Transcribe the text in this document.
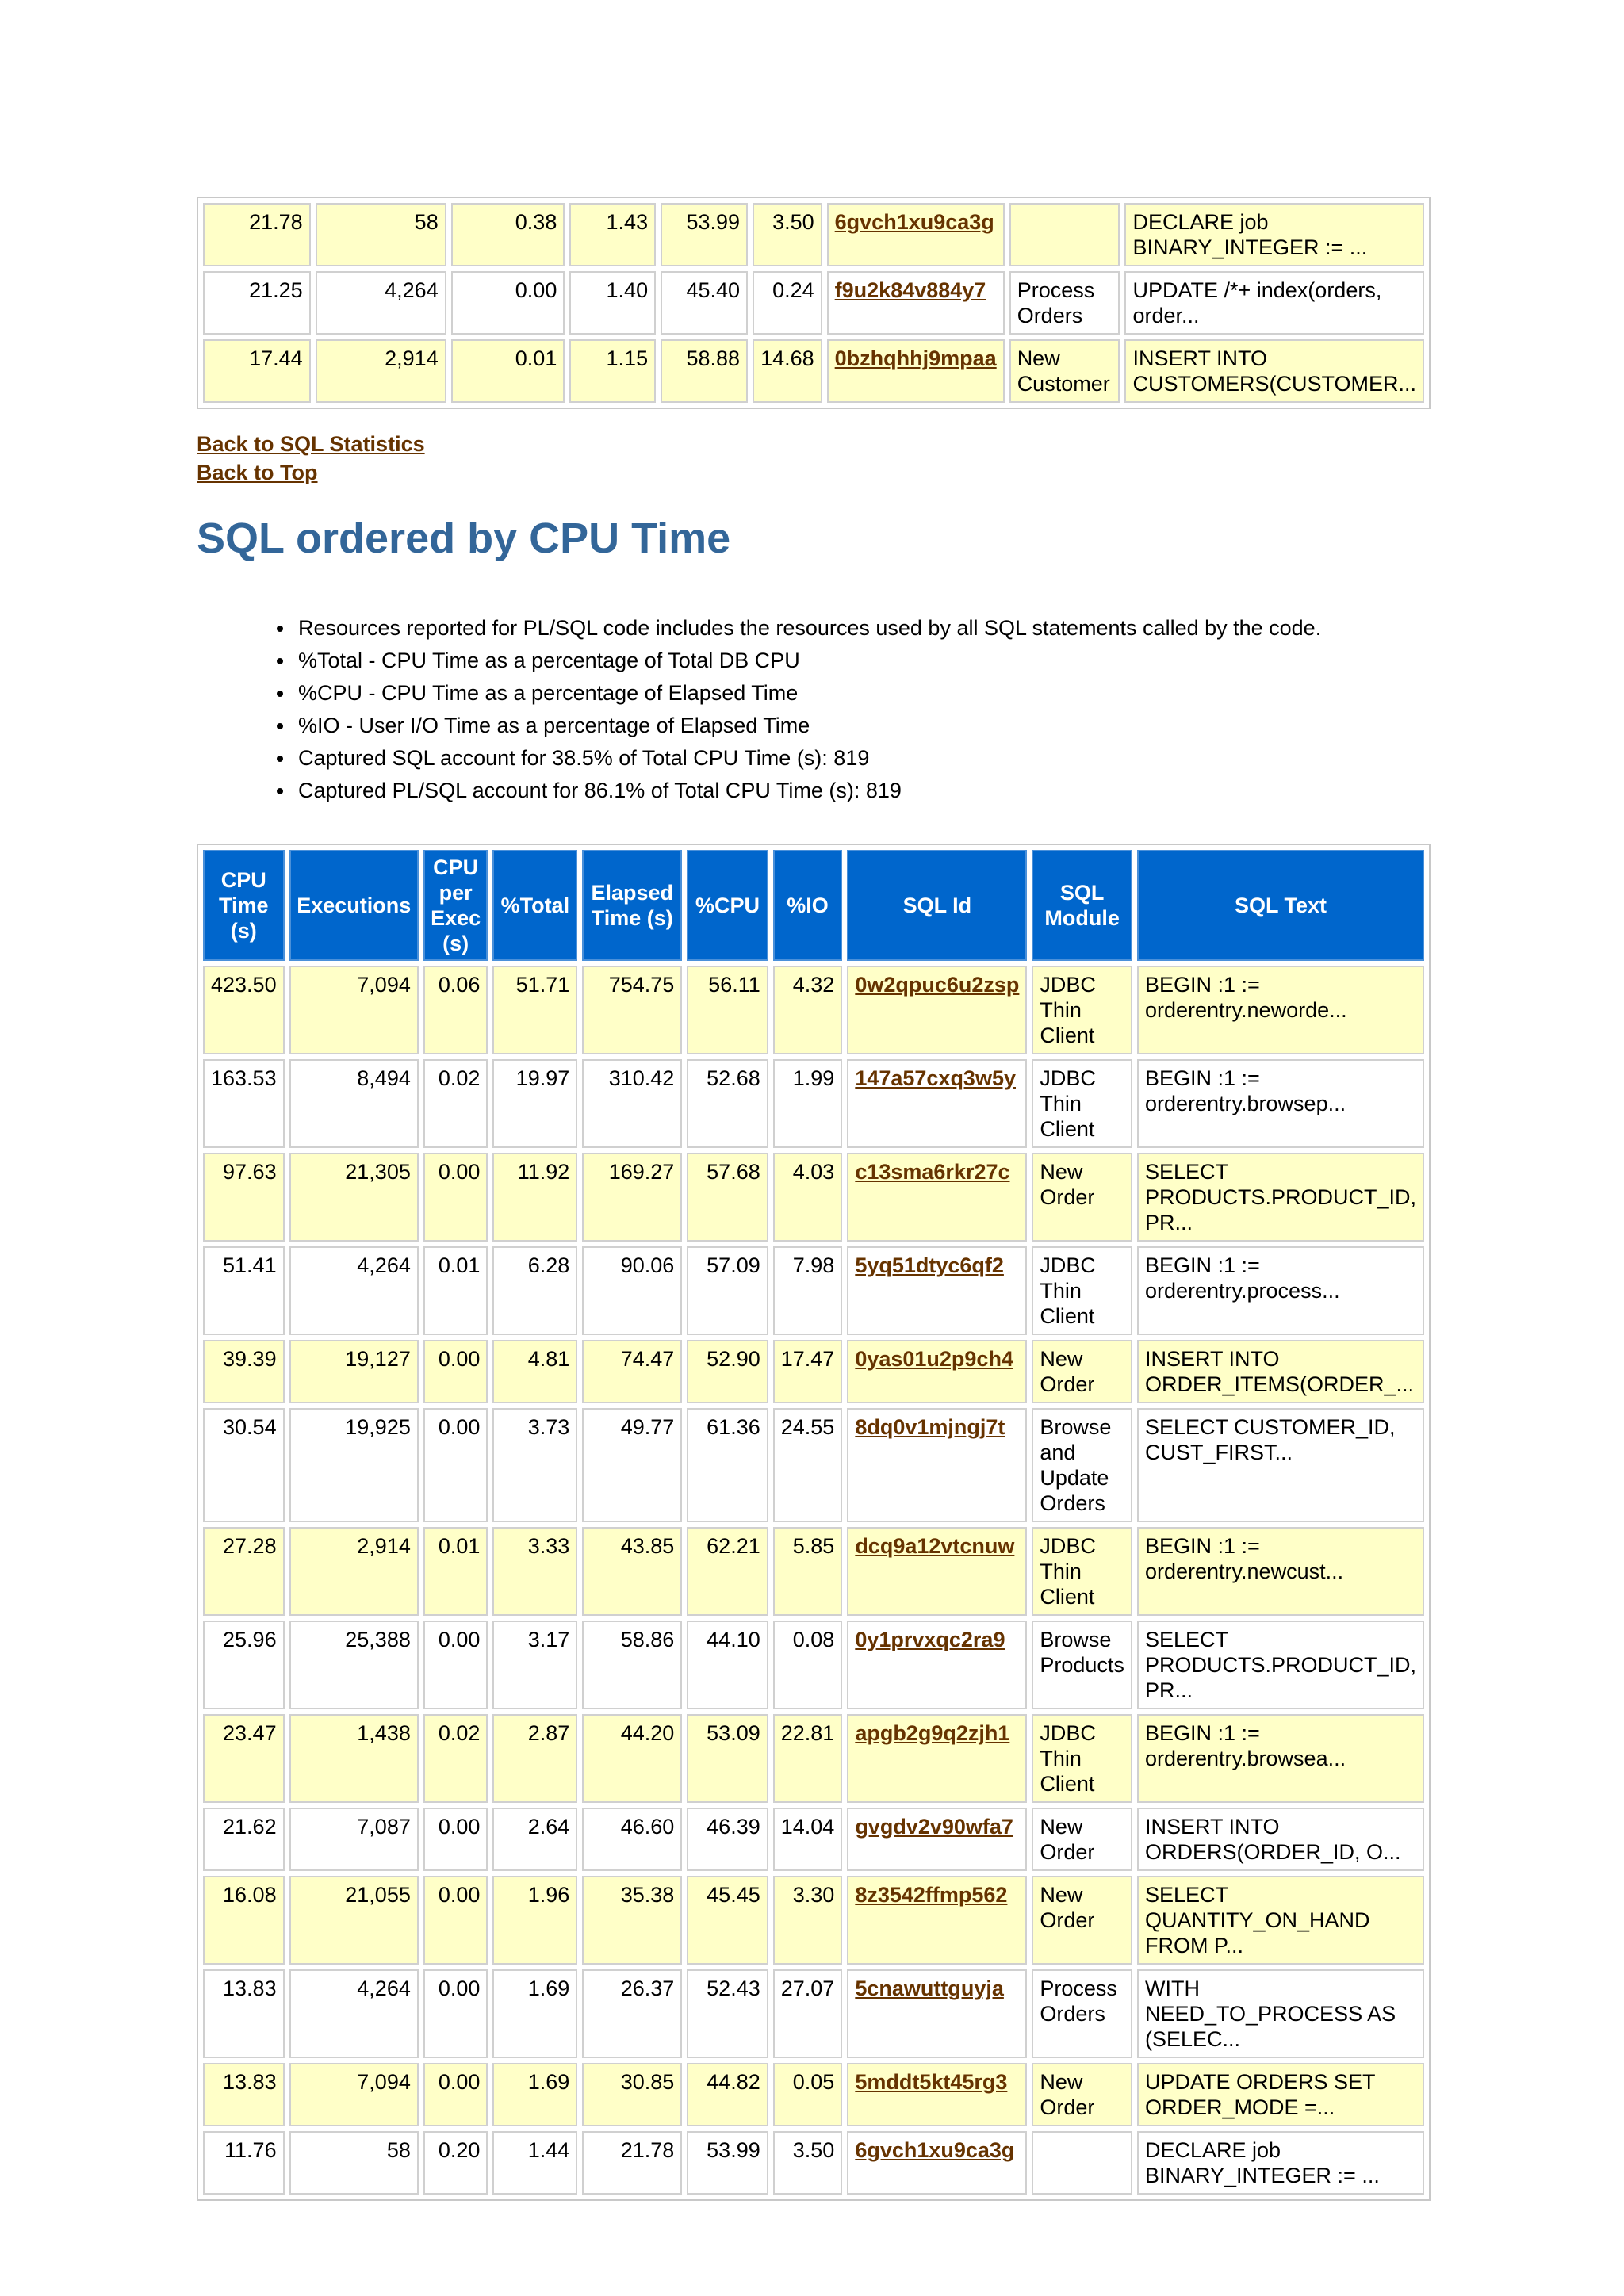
21.78	58	0.38	1.43	53.99	3.50	6gvch1xu9ca3g		DECLARE job BINARY_INTEGER := ...
21.25	4,264	0.00	1.40	45.40	0.24	f9u2k84v884y7	Process Orders	UPDATE /*+ index(orders, order...
17.44	2,914	0.01	1.15	58.88	14.68	0bzhqhhj9mpaa	New Customer	INSERT INTO CUSTOMERS(CUSTOMER...
Back to SQL Statistics
Back to Top
SQL ordered by CPU Time
• Resources reported for PL/SQL code includes the resources used by all SQL statements called by the code.
• %Total - CPU Time as a percentage of Total DB CPU
• %CPU - CPU Time as a percentage of Elapsed Time
• %IO - User I/O Time as a percentage of Elapsed Time
• Captured SQL account for 38.5% of Total CPU Time (s): 819
• Captured PL/SQL account for 86.1% of Total CPU Time (s): 819
CPU Time (s)	Executions	CPU per Exec (s)	%Total	Elapsed Time (s)	%CPU	%IO	SQL Id	SQL Module	SQL Text
423.50	7,094	0.06	51.71	754.75	56.11	4.32	0w2qpuc6u2zsp	JDBC Thin Client	BEGIN :1 := orderentry.neworde...
163.53	8,494	0.02	19.97	310.42	52.68	1.99	147a57cxq3w5y	JDBC Thin Client	BEGIN :1 := orderentry.browsep...
97.63	21,305	0.00	11.92	169.27	57.68	4.03	c13sma6rkr27c	New Order	SELECT PRODUCTS.PRODUCT_ID, PR...
51.41	4,264	0.01	6.28	90.06	57.09	7.98	5yq51dtyc6qf2	JDBC Thin Client	BEGIN :1 := orderentry.process...
39.39	19,127	0.00	4.81	74.47	52.90	17.47	0yas01u2p9ch4	New Order	INSERT INTO ORDER_ITEMS(ORDER_...
30.54	19,925	0.00	3.73	49.77	61.36	24.55	8dq0v1mjngj7t	Browse and Update Orders	SELECT CUSTOMER_ID, CUST_FIRST...
27.28	2,914	0.01	3.33	43.85	62.21	5.85	dcq9a12vtcnuw	JDBC Thin Client	BEGIN :1 := orderentry.newcust...
25.96	25,388	0.00	3.17	58.86	44.10	0.08	0y1prvxqc2ra9	Browse Products	SELECT PRODUCTS.PRODUCT_ID, PR...
23.47	1,438	0.02	2.87	44.20	53.09	22.81	apgb2g9q2zjh1	JDBC Thin Client	BEGIN :1 := orderentry.browsea...
21.62	7,087	0.00	2.64	46.60	46.39	14.04	gvgdv2v90wfa7	New Order	INSERT INTO ORDERS(ORDER_ID, O...
16.08	21,055	0.00	1.96	35.38	45.45	3.30	8z3542ffmp562	New Order	SELECT QUANTITY_ON_HAND FROM P...
13.83	4,264	0.00	1.69	26.37	52.43	27.07	5cnawuttguyja	Process Orders	WITH NEED_TO_PROCESS AS (SELEC...
13.83	7,094	0.00	1.69	30.85	44.82	0.05	5mddt5kt45rg3	New Order	UPDATE ORDERS SET ORDER_MODE =...
11.76	58	0.20	1.44	21.78	53.99	3.50	6gvch1xu9ca3g		DECLARE job BINARY_INTEGER := ...
